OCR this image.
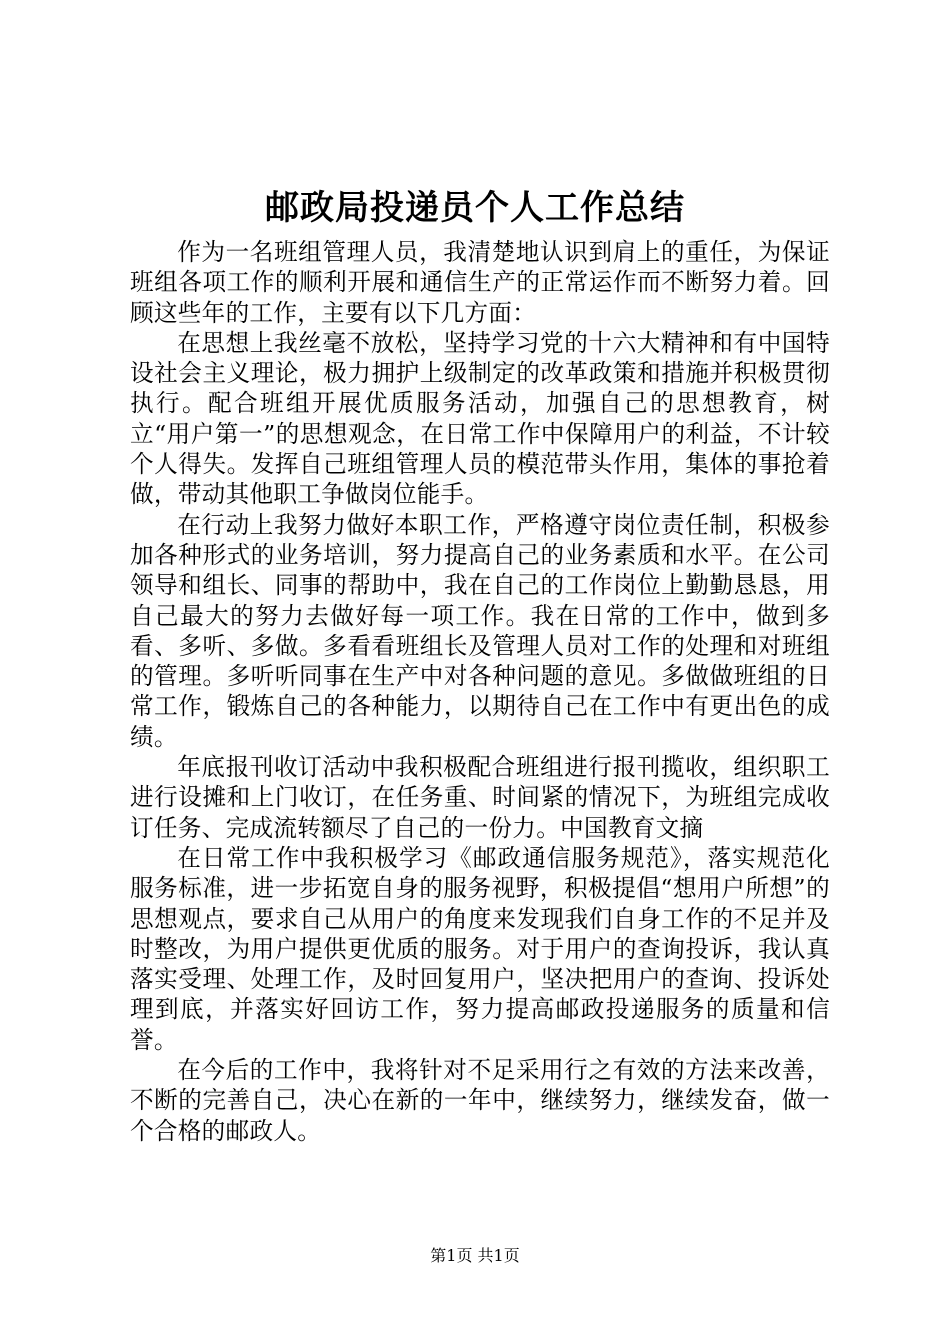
邮政局投递员个人工作总结

作为一名班组管理人员，我清楚地认识到肩上的重任，为保证班组各项工作的顺利开展和通信生产的正常运作而不断努力着。回顾这些年的工作，主要有以下几方面：

在思想上我丝毫不放松，坚持学习党的十六大精神和有中国特设社会主义理论，极力拥护上级制定的改革政策和措施并积极贯彻执行。配合班组开展优质服务活动，加强自己的思想教育，树立“用户第一”的思想观念，在日常工作中保障用户的利益，不计较个人得失。发挥自己班组管理人员的模范带头作用，集体的事抢着做，带动其他职工争做岗位能手。

在行动上我努力做好本职工作，严格遵守岗位责任制，积极参加各种形式的业务培训，努力提高自己的业务素质和水平。在公司领导和组长、同事的帮助中，我在自己的工作岗位上勤勤恳恳，用自己最大的努力去做好每一项工作。我在日常的工作中，做到多看、多听、多做。多看看班组长及管理人员对工作的处理和对班组的管理。多听听同事在生产中对各种问题的意见。多做做班组的日常工作，锻炼自己的各种能力，以期待自己在工作中有更出色的成绩。

年底报刊收订活动中我积极配合班组进行报刊揽收，组织职工进行设摊和上门收订，在任务重、时间紧的情况下，为班组完成收订任务、完成流转额尽了自己的一份力。中国教育文摘

在日常工作中我积极学习《邮政通信服务规范》，落实规范化服务标准，进一步拓宽自身的服务视野，积极提倡“想用户所想”的思想观点，要求自己从用户的角度来发现我们自身工作的不足并及时整改，为用户提供更优质的服务。对于用户的查询投诉，我认真落实受理、处理工作，及时回复用户，坚决把用户的查询、投诉处理到底，并落实好回访工作，努力提高邮政投递服务的质量和信誉。

在今后的工作中，我将针对不足采用行之有效的方法来改善，不断的完善自己，决心在新的一年中，继续努力，继续发奋，做一个合格的邮政人。

第1页 共1页
